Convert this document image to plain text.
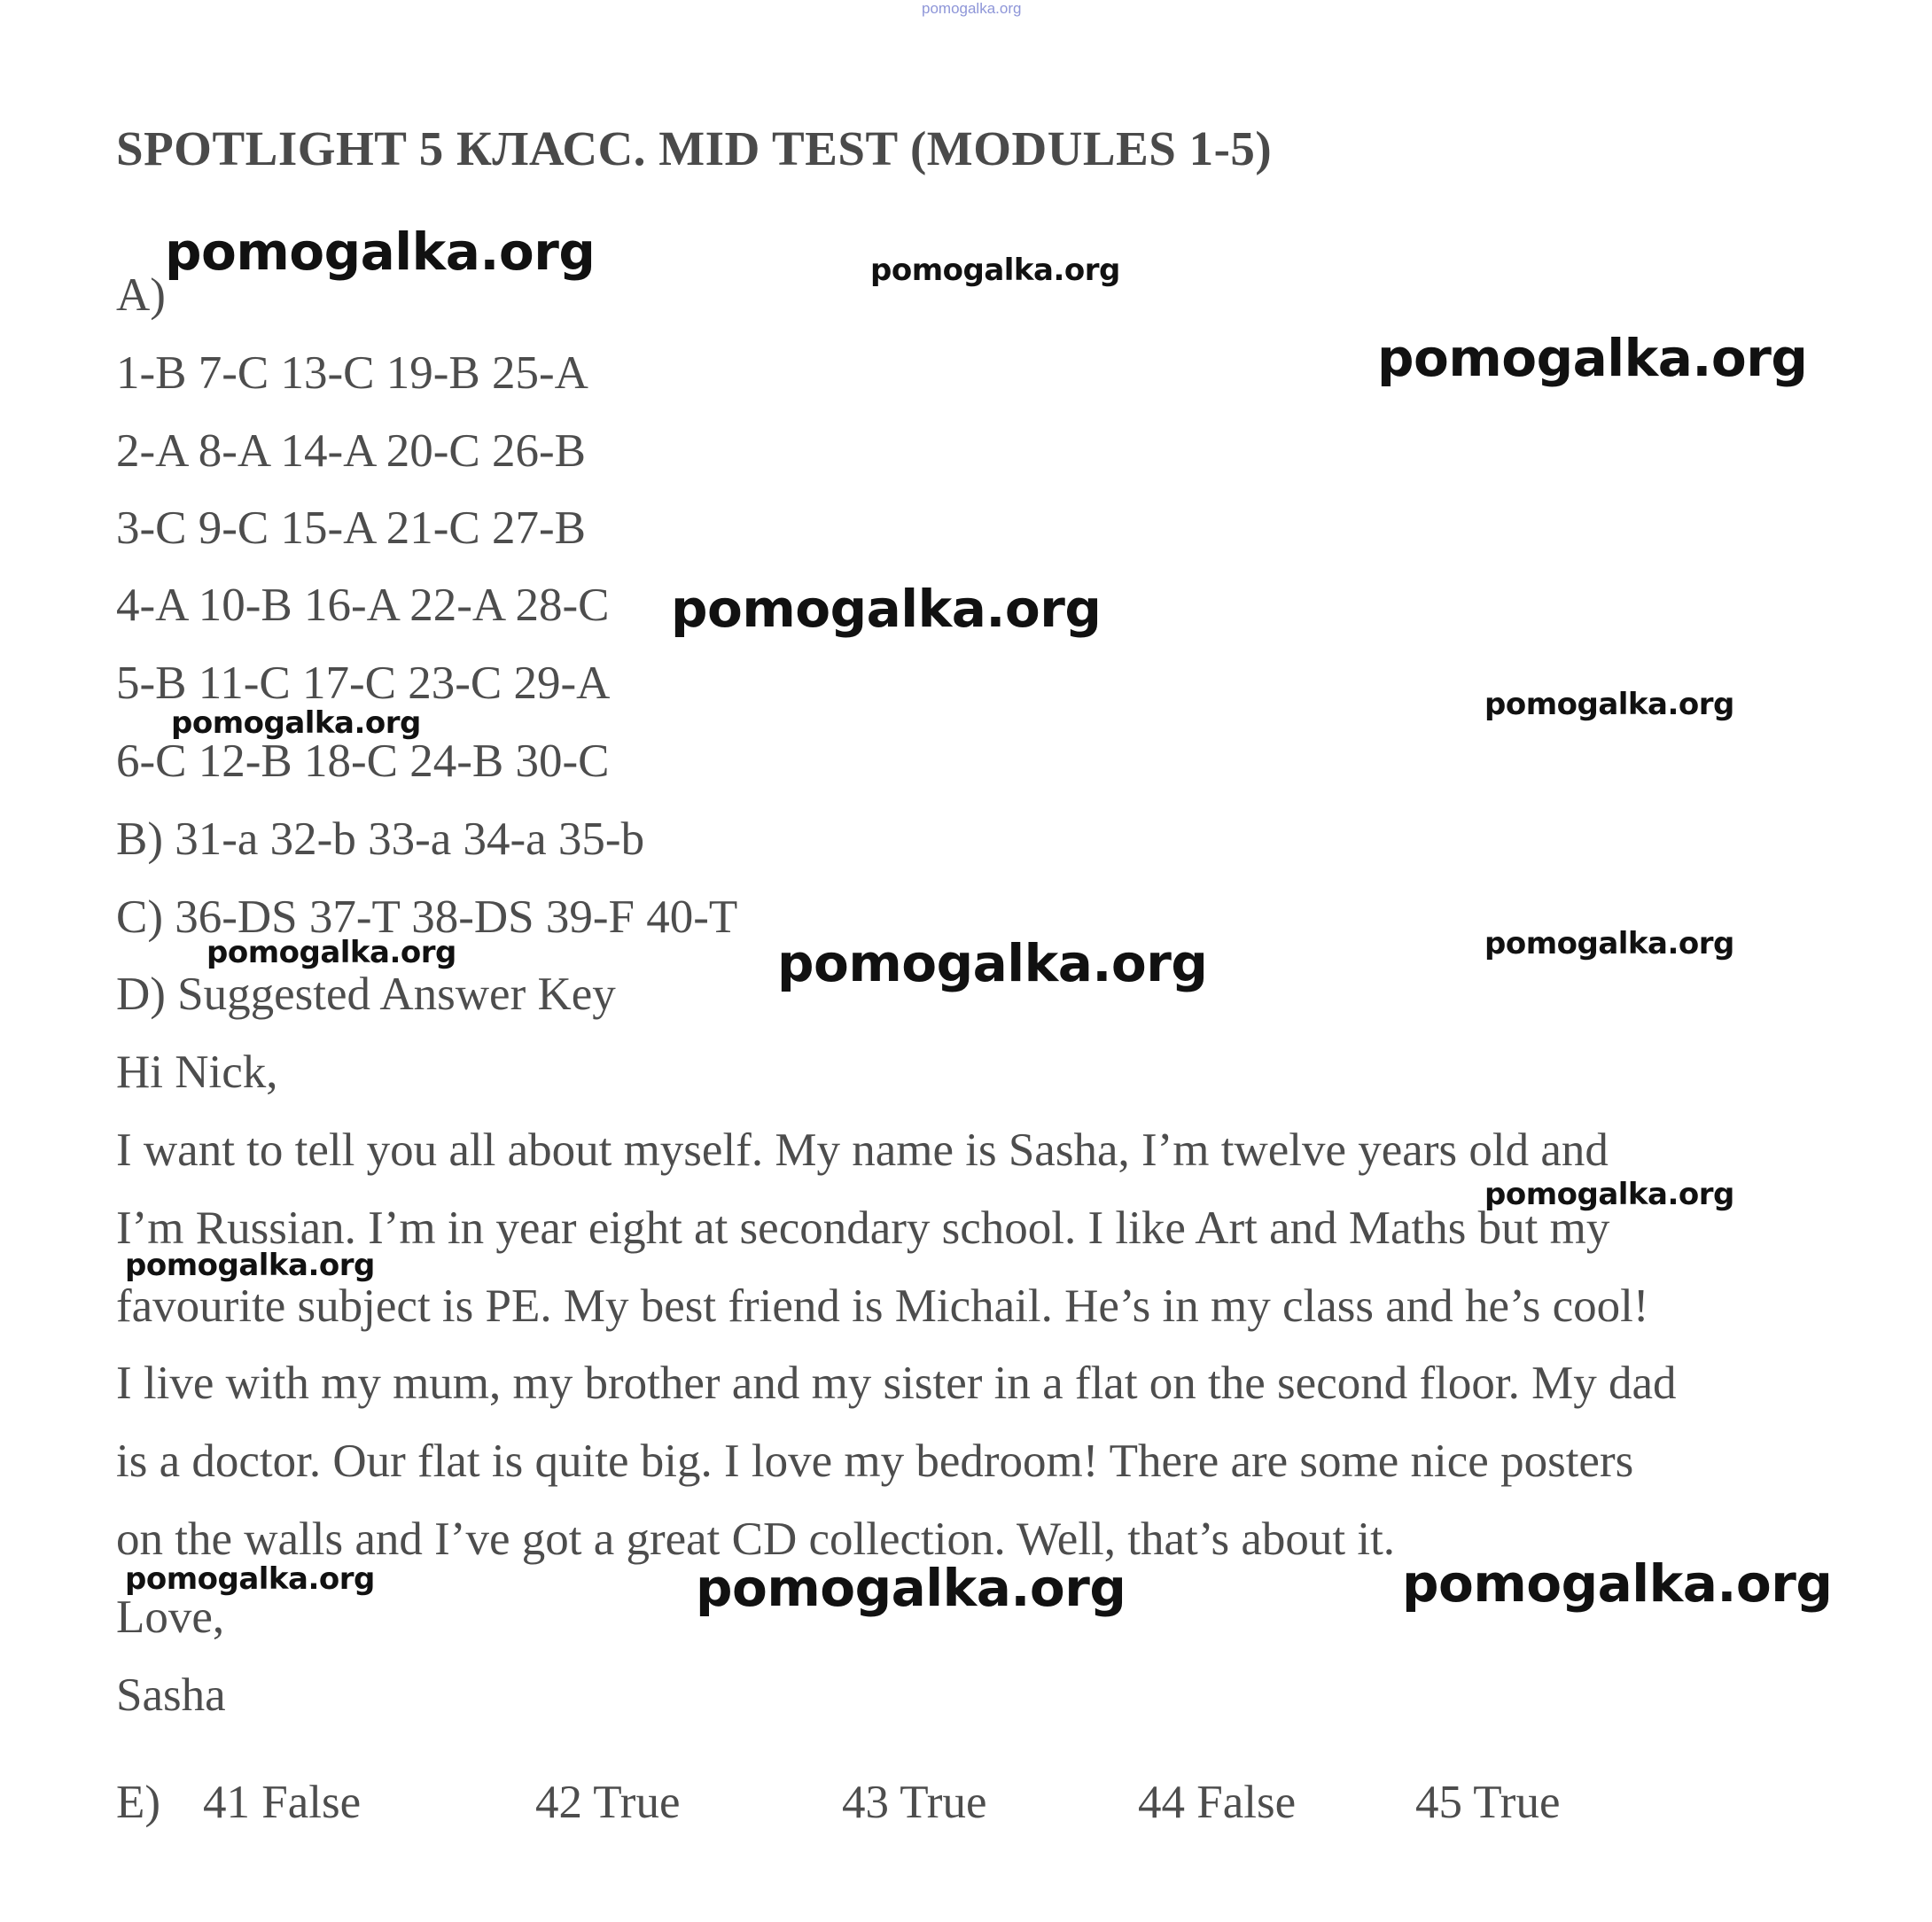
pomogalka.org
SPOTLIGHT 5 КЛАСС. MID TEST (MODULES 1-5)
A)
1-B 7-C 13-C 19-B 25-A
2-A 8-A 14-A 20-C 26-B
3-C 9-C 15-A 21-C 27-B
4-A 10-B 16-A 22-A 28-C
5-B 11-C 17-C 23-C 29-A
6-C 12-B 18-C 24-B 30-C
B) 31-a 32-b 33-a 34-a 35-b
C) 36-DS 37-T 38-DS 39-F 40-T
D) Suggested Answer Key
Hi Nick,
I want to tell you all about myself. My name is Sasha, I’m twelve years old and
I’m Russian. I’m in year eight at secondary school. I like Art and Maths but my
favourite subject is PE. My best friend is Michail. He’s in my class and he’s cool!
I live with my mum, my brother and my sister in a flat on the second floor. My dad
is a doctor. Our flat is quite big. I love my bedroom! There are some nice posters
on the walls and I’ve got a great CD collection. Well, that’s about it.
Love,
Sasha
E) 41 False	42 True	43 True	44 False	45 True
pomogalka.org	pomogalka.org
pomogalka.org
pomogalka.org
pomogalka.org
pomogalka.org
pomogalka.org	pomogalka.org
pomogalka.org
pomogalka.org
pomogalka.org
pomogalka.org	pomogalka.org	pomogalka.org
